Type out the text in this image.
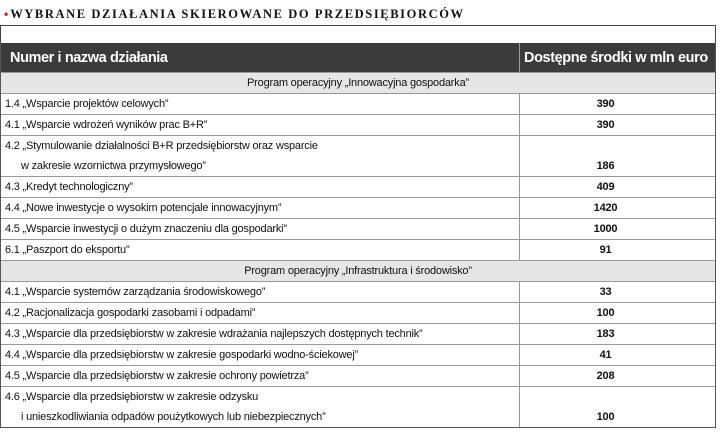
• WYBRANE DZIAŁANIA SKIEROWANE DO PRZEDSIĘBIORCÓW
Numer i nazwa działania	Dostępne środki w mln euro
Program operacyjny „Innowacyjna gospodarka”
1.4 „Wsparcie projektów celowych”	390
4.1 „Wsparcie wdrożeń wyników prac B+R”	390
4.2 „Stymulowanie działalności B+R przedsiębiorstw oraz wsparcie
w zakresie wzornictwa przymysłowego”	186
4.3 „Kredyt technologiczny”	409
4.4 „Nowe inwestycje o wysokim potencjale innowacyjnym”	1420
4.5 „Wsparcie inwestycji o dużym znaczeniu dla gospodarki”	1000
6.1 „Paszport do eksportu”	91
Program operacyjny „Infrastruktura i środowisko”
4.1 „Wsparcie systemów zarządzania środowiskowego”	33
4.2 „Racjonalizacja gospodarki zasobami i odpadami”	100
4.3 „Wsparcie dla przedsiębiorstw w zakresie wdrażania najlepszych dostępnych technik”	183
4.4 „Wsparcie dla przedsiębiorstw w zakresie gospodarki wodno-ściekowej”	41
4.5 „Wsparcie dla przedsiębiorstw w zakresie ochrony powietrza”	208
4.6 „Wsparcie dla przedsiębiorstw w zakresie odzysku
i unieszkodliwiania odpadów poużytkowych lub niebezpiecznych”	100
